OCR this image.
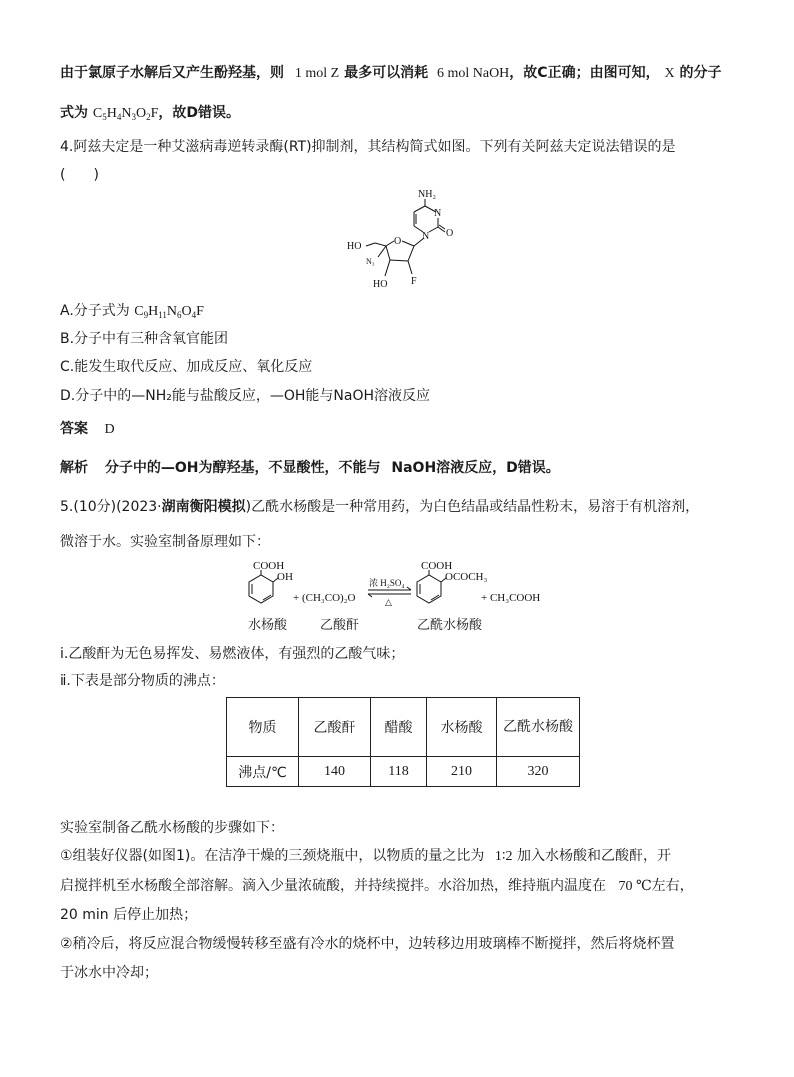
由于氯原子水解后又产生酚羟基，则 1 mol Z 最多可以消耗 6 mol NaOH，故C正确；由图可知， X 的分子
式为 $C_5H_4N_3O_2F$，故D错误。
4.阿兹夫定是一种艾滋病毒逆转录酶(RT)抑制剂，其结构简式如图。下列有关阿兹夫定说法错误的是
(　　)
NH₂
N
N O
HO	O
N₃
HO F
A.分子式为 $C_9H_{11}N_6O_4F$
B.分子中有三种含氧官能团
C.能发生取代反应、加成反应、氧化反应
D.分子中的—NH₂能与盐酸反应，—OH能与NaOH溶液反应
答案 D
解析 分子中的—OH为醇羟基，不显酸性，不能与 NaOH溶液反应，D错误。
5.(10分)(2023·湖南衡阳模拟)乙酰水杨酸是一种常用药，为白色结晶或结晶性粉末，易溶于有机溶剂，
微溶于水。实验室制备原理如下：
COOH
OH
+ (CH₃CO)₂O
浓 H₂SO₄
△
COOH
OCOCH₃
+ CH₃COOH
水杨酸	乙酸酐	乙酰水杨酸
ⅰ.乙酸酐为无色易挥发、易燃液体，有强烈的乙酸气味；
ⅱ.下表是部分物质的沸点：
物质	乙酸酐	醋酸	水杨酸	乙酰水杨酸
沸点/℃	140	118	210	320
实验室制备乙酰水杨酸的步骤如下：
①组装好仪器(如图1)。在洁净干燥的三颈烧瓶中，以物质的量之比为 1∶2 加入水杨酸和乙酸酐，开
启搅拌机至水杨酸全部溶解。滴入少量浓硫酸，并持续搅拌。水浴加热，维持瓶内温度在 70 ℃左右，
20 min 后停止加热；
②稍冷后，将反应混合物缓慢转移至盛有冷水的烧杯中，边转移边用玻璃棒不断搅拌，然后将烧杯置
于冰水中冷却；
